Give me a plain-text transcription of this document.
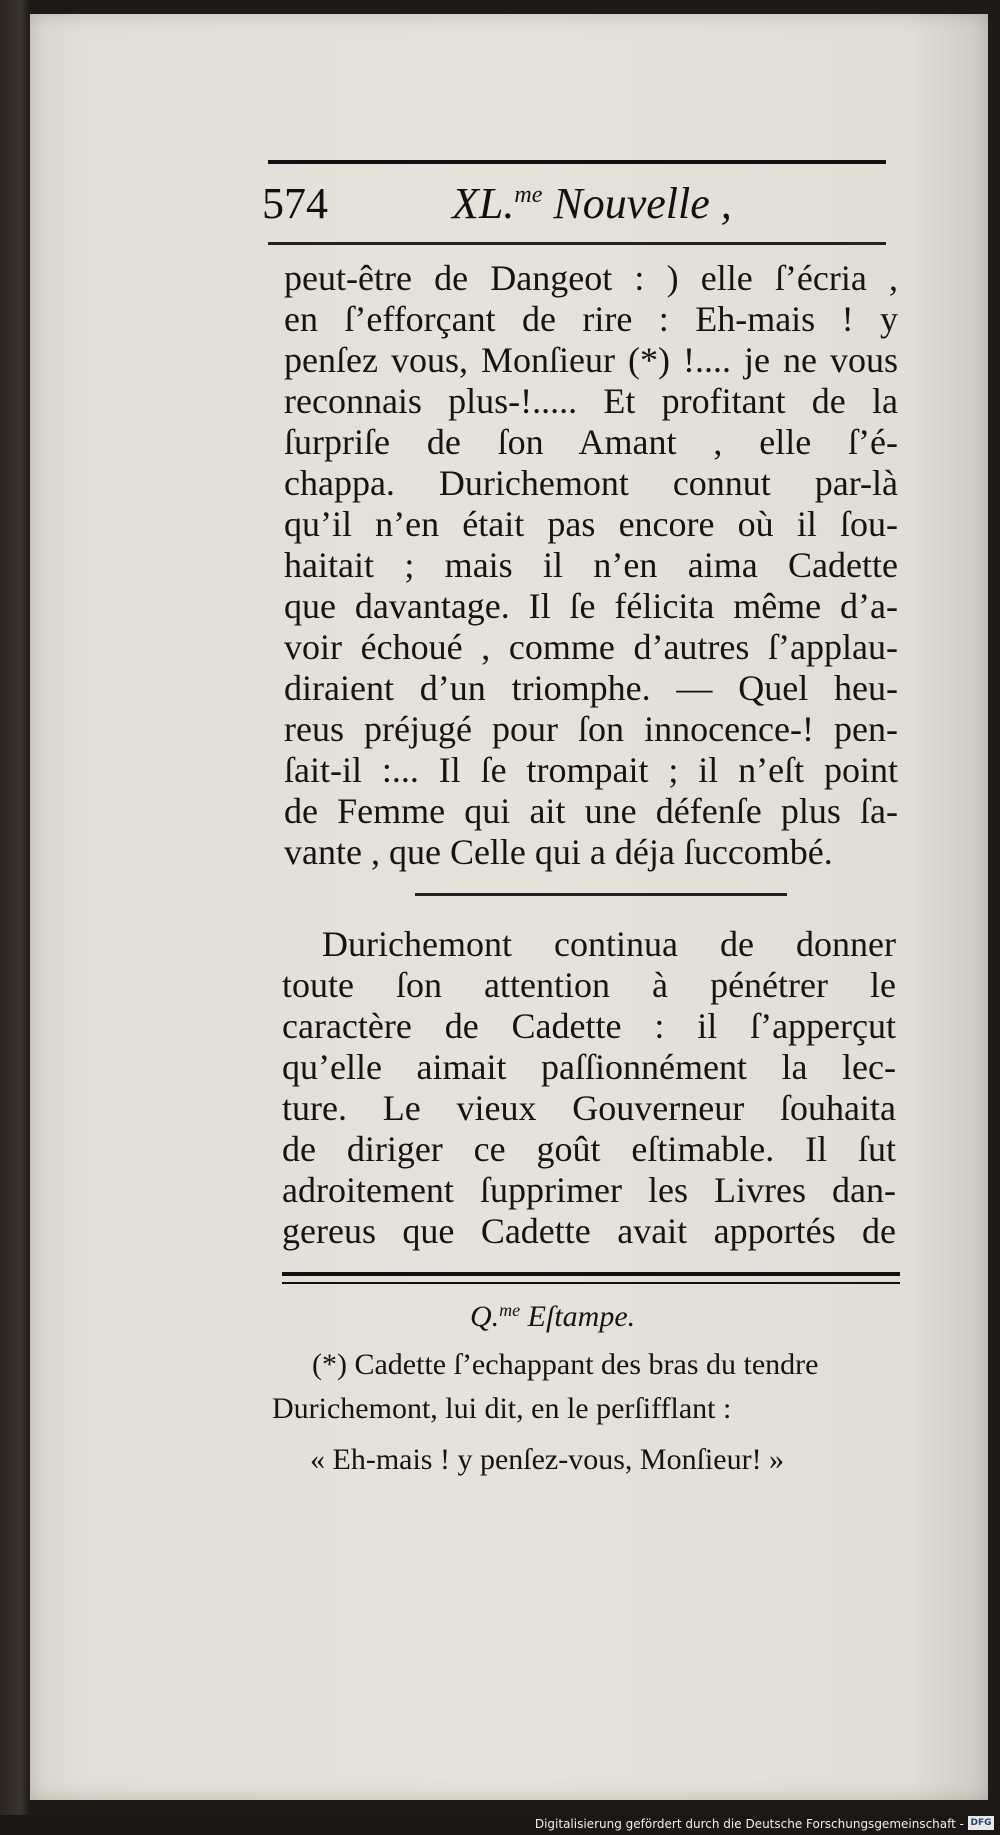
574	XL.$^{me}$ Nouvelle ,
peut-être de Dangeot : ) elle ſ’écria ,
en ſ’efforçant de rire : Eh-mais ! y
penſez vous, Monſieur (*) !.... je ne vous
reconnais plus-!..... Et profitant de la
ſurpriſe de ſon Amant , elle ſ’é-
chappa. Durichemont connut par-là
qu’il n’en était pas encore où il ſou-
haitait ; mais il n’en aima Cadette
que davantage. Il ſe félicita même d’a-
voir échoué , comme d’autres ſ’applau-
diraient d’un triomphe. — Quel heu-
reus préjugé pour ſon innocence-! pen-
ſait-il :... Il ſe trompait ; il n’eſt point
de Femme qui ait une défenſe plus ſa-
vante , que Celle qui a déja ſuccombé.
Durichemont continua de donner
toute ſon attention à pénétrer le
caractère de Cadette : il ſ’apperçut
qu’elle aimait paſſionnément la lec-
ture. Le vieux Gouverneur ſouhaita
de diriger ce goût eſtimable. Il ſut
adroitement ſupprimer les Livres dan-
gereus que Cadette avait apportés de
Q.$^{me}$ Eſtampe.
(*) Cadette ſ’echappant des bras du tendre
Durichemont, lui dit, en le perſifflant :
« Eh-mais ! y penſez-vous, Monſieur! »
Digitalisierung gefördert durch die Deutsche Forschungsgemeinschaft - DFG
